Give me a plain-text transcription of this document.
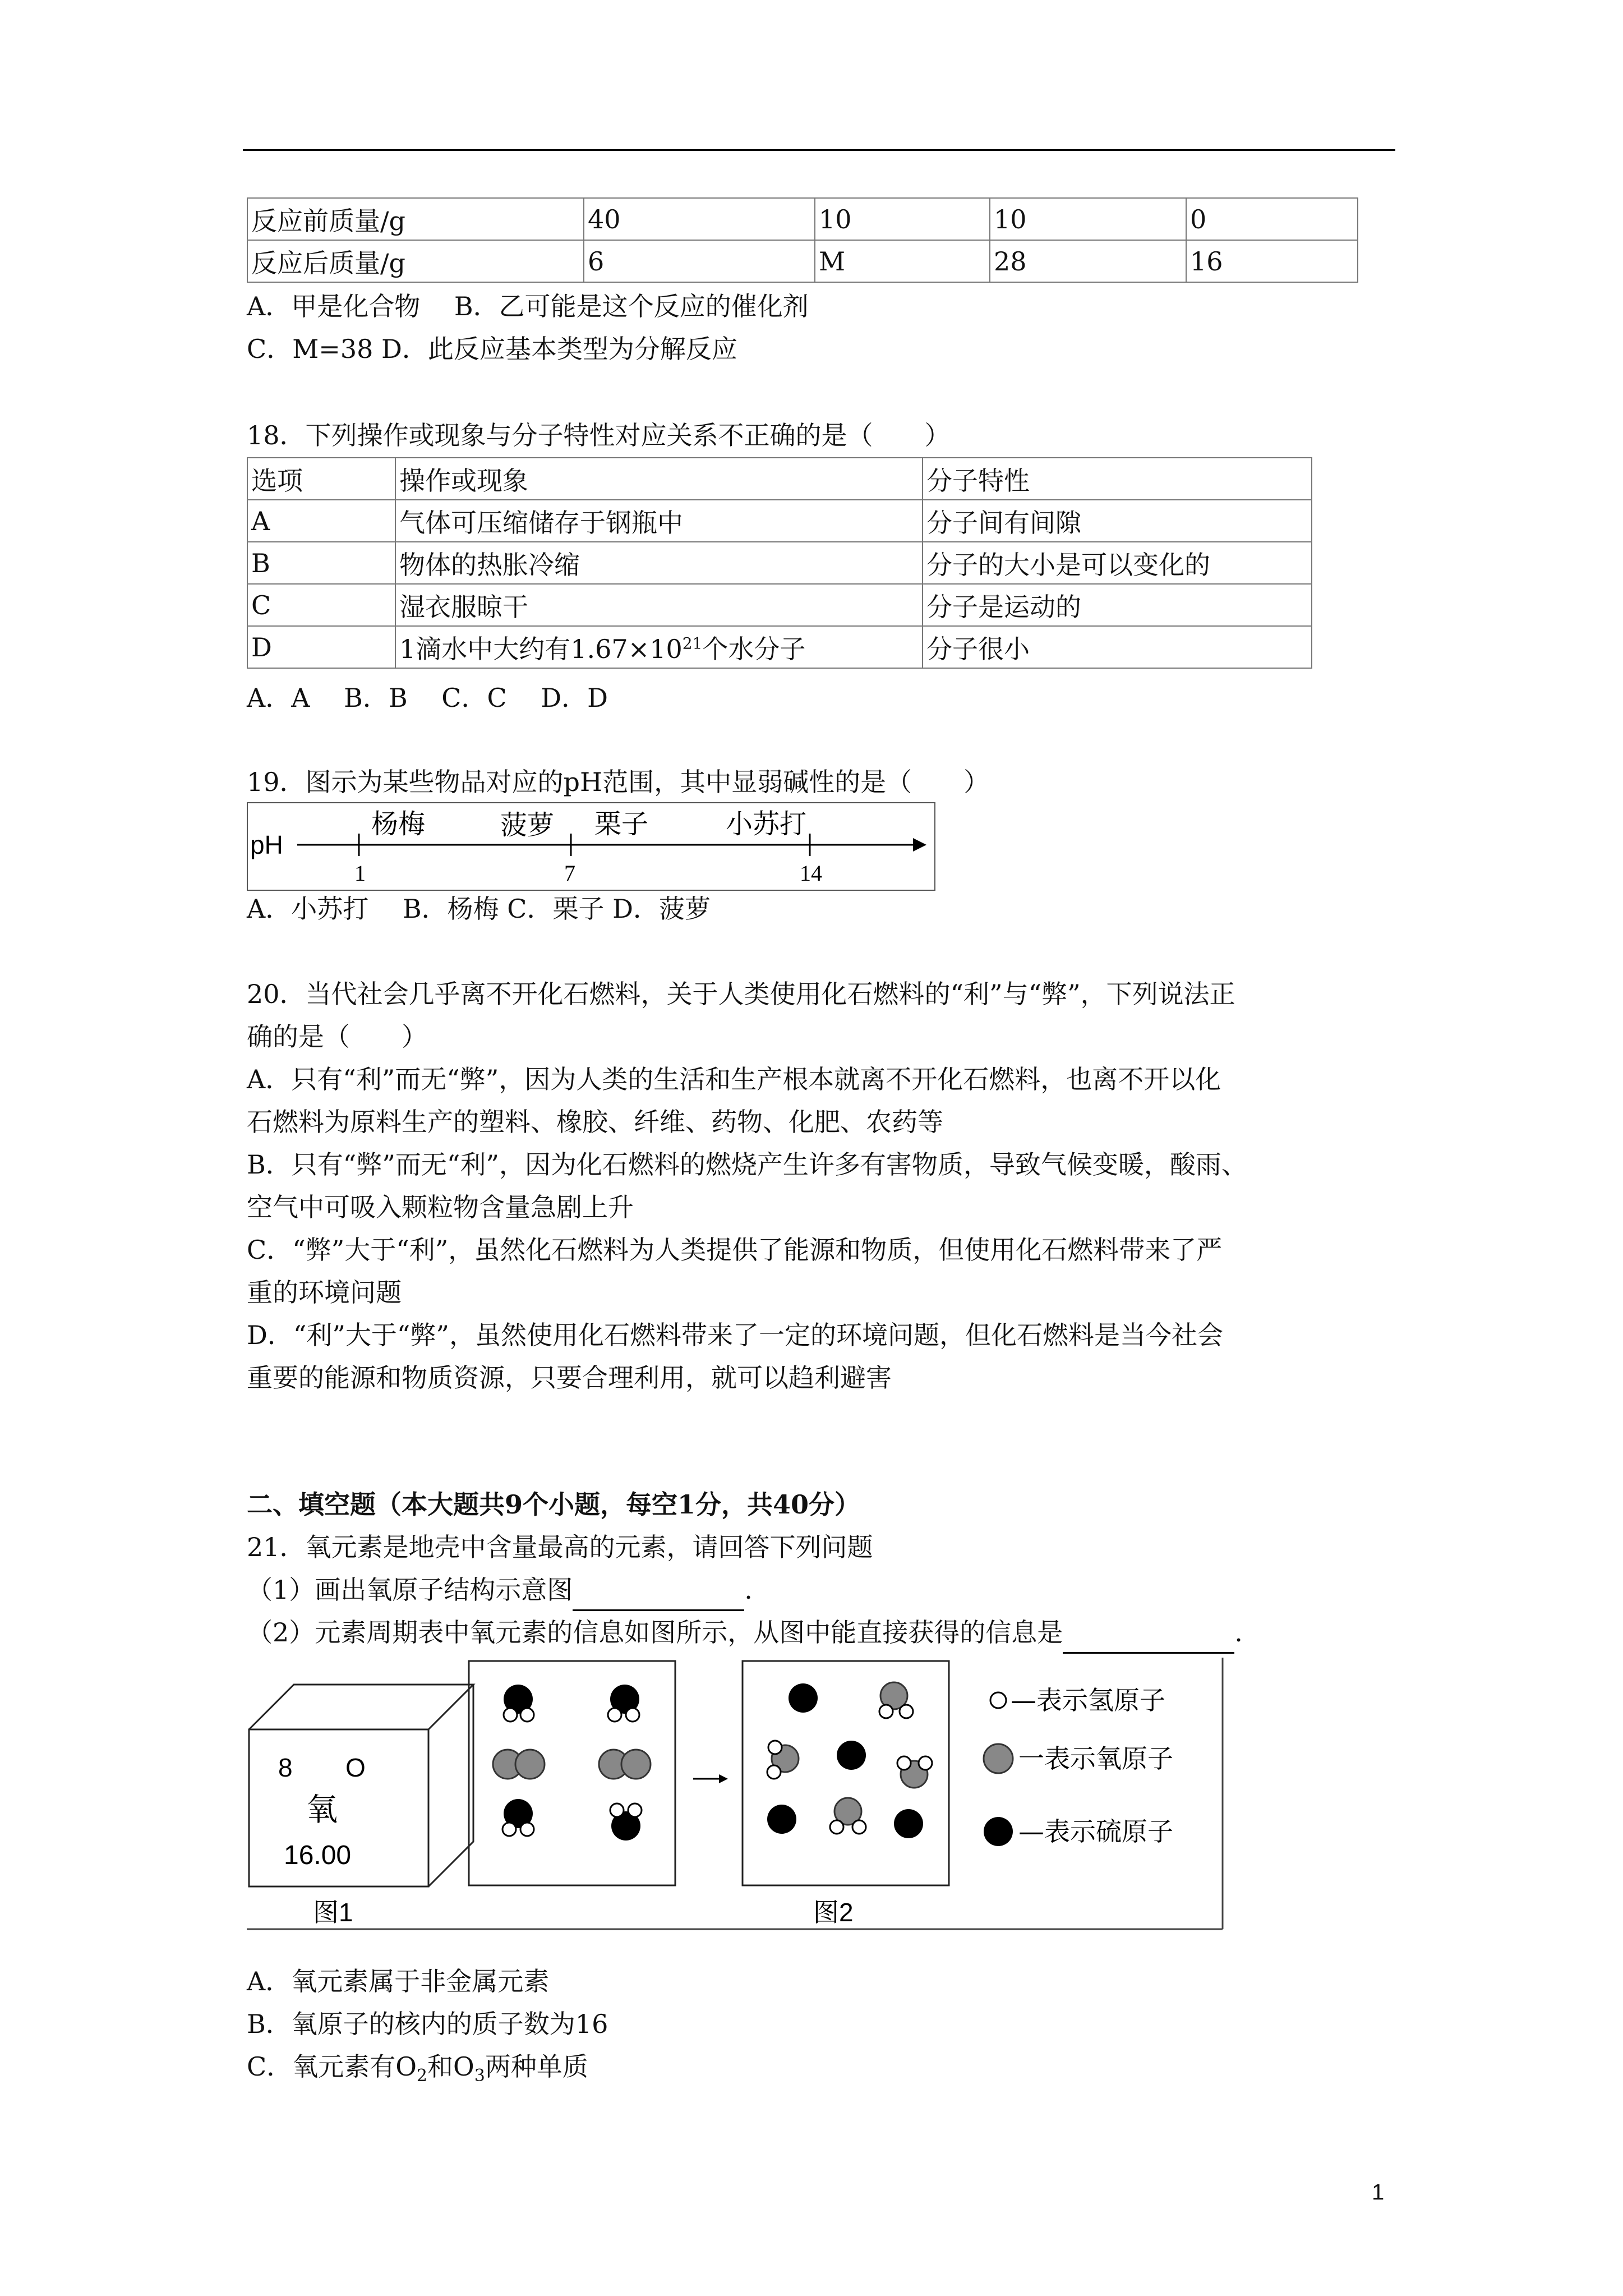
反应前质量/g	40	10	10	0
反应后质量/g	6	M	28	16
A．甲是化合物　 B．乙可能是这个反应的催化剂
C．M=38 D．此反应基本类型为分解反应
18．下列操作或现象与分子特性对应关系不正确的是（　　）
选项	操作或现象	分子特性
A	气体可压缩储存于钢瓶中	分子间有间隙
B	物体的热胀冷缩	分子的大小是可以变化的
C	湿衣服晾干	分子是运动的
D	1滴水中大约有$1.67\times 10^{21}$个水分子	分子很小
A．A　 B．B　 C．C　 D．D
19．图示为某些物品对应的pH范围，其中显弱碱性的是（　　）
pH
杨梅	菠萝 栗子	小苏打
1	7	14
A．小苏打　 B．杨梅 C．栗子 D．菠萝
20．当代社会几乎离不开化石燃料，关于人类使用化石燃料的“利”与“弊”，下列说法正
确的是（　　）
A．只有“利”而无“弊”，因为人类的生活和生产根本就离不开化石燃料，也离不开以化
石燃料为原料生产的塑料、橡胶、纤维、药物、化肥、农药等
B．只有“弊”而无“利”，因为化石燃料的燃烧产生许多有害物质，导致气候变暖，酸雨、
空气中可吸入颗粒物含量急剧上升
C．“弊”大于“利”，虽然化石燃料为人类提供了能源和物质，但使用化石燃料带来了严
重的环境问题
D．“利”大于“弊”，虽然使用化石燃料带来了一定的环境问题，但化石燃料是当今社会
重要的能源和物质资源，只要合理利用，就可以趋利避害
二、填空题（本大题共9个小题，每空1分，共40分）
21．氧元素是地壳中含量最高的元素，请回答下列问题
（1）画出氧原子结构示意图	.
（2）元素周期表中氧元素的信息如图所示，从图中能直接获得的信息是	.
8 O
氧
16.00
图1	图2
—表示氢原子
一表示氧原子
—表示硫原子
A．氧元素属于非金属元素
B．氧原子的核内的质子数为16
C．氧元素有$O_2$和$O_3$两种单质
1
